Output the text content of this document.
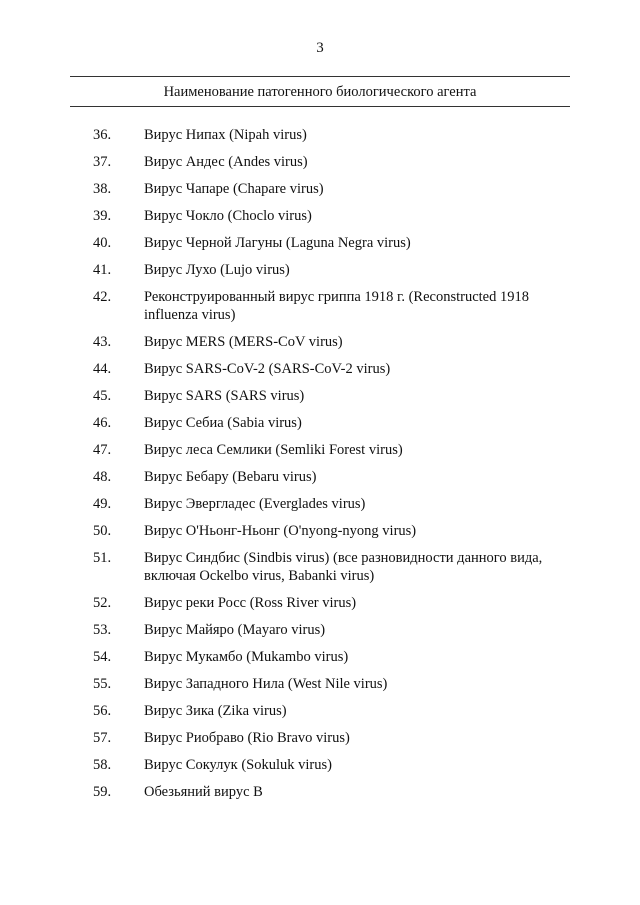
3
Наименование патогенного биологического агента
36. Вирус Нипах (Nipah virus)
37. Вирус Андес (Andes virus)
38. Вирус Чапаре (Chapare virus)
39. Вирус Чокло (Choclo virus)
40. Вирус Черной Лагуны (Laguna Negra virus)
41. Вирус Лухо (Lujo virus)
42. Реконструированный вирус гриппа 1918 г. (Reconstructed 1918 influenza virus)
43. Вирус MERS (MERS-CoV virus)
44. Вирус SARS-CoV-2 (SARS-CoV-2 virus)
45. Вирус SARS (SARS virus)
46. Вирус Себиа (Sabia virus)
47. Вирус леса Семлики (Semliki Forest virus)
48. Вирус Бебару (Bebaru virus)
49. Вирус Эвергладес (Everglades virus)
50. Вирус О'Ньонг-Ньонг (O'nyong-nyong virus)
51. Вирус Синдбис (Sindbis virus) (все разновидности данного вида, включая Ockelbo virus, Babanki virus)
52. Вирус реки Росс (Ross River virus)
53. Вирус Майяро (Mayaro virus)
54. Вирус Мукамбо (Mukambo virus)
55. Вирус Западного Нила (West Nile virus)
56. Вирус Зика (Zika virus)
57. Вирус Риобраво (Rio Bravo virus)
58. Вирус Сокулук (Sokuluk virus)
59. Обезьяний вирус В
